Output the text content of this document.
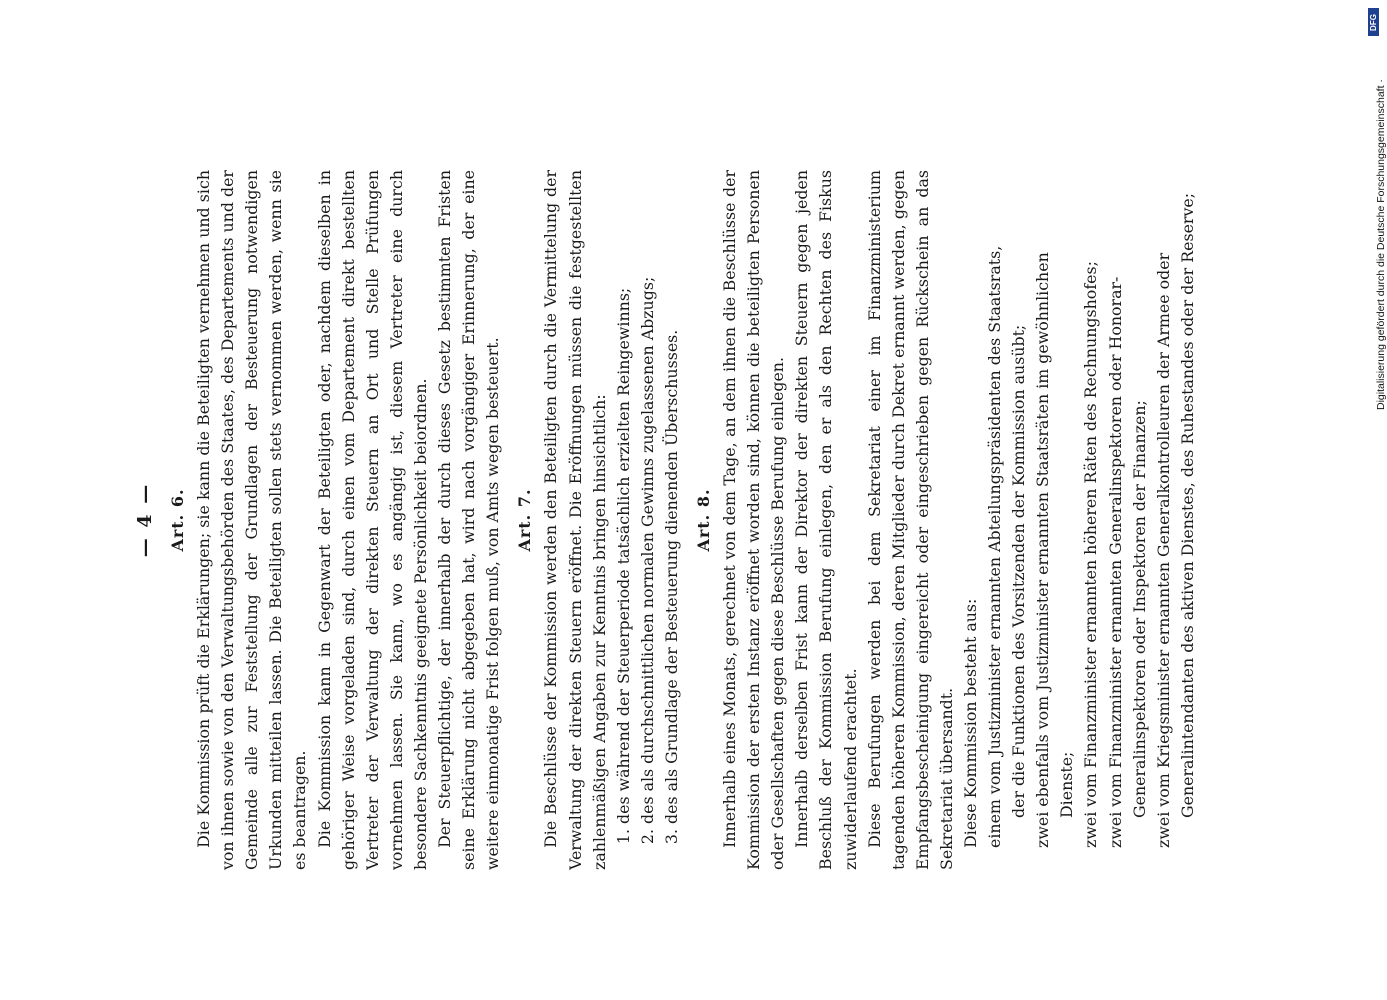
— 4 — Art. 6. Die Kommission prüft die Erklärungen; sie kann die Beteiligten vernehmen und sich von ihnen sowie von den Verwaltungsbehörden des Staates, des Departements und der Gemeinde alle zur Feststellung der Grundlagen der Besteuerung notwendigen Urkunden mitteilen lassen. Die Beteiligten sollen stets vernommen werden, wenn sie es beantragen. Die Kommission kann in Gegenwart der Beteiligten oder, nachdem dieselben in gehöriger Weise vorgeladen sind, durch einen vom Departement direkt bestellten Vertreter der Verwaltung der direkten Steuern an Ort und Stelle Prüfungen vornehmen lassen. Sie kann, wo es angängig ist, diesem Vertreter eine durch besondere Sachkenntnis geeignete Persönlichkeit beiordnen. Der Steuerpflichtige, der innerhalb der durch dieses Gesetz bestimmten Fristen seine Erklärung nicht abgegeben hat, wird nach vorgängiger Erinnerung, der eine weitere einmonatige Frist folgen muß, von Amts wegen besteuert. Art. 7. Die Beschlüsse der Kommission werden den Beteiligten durch die Vermittelung der Verwaltung der direkten Steuern eröffnet. Die Eröffnungen müssen die festgestellten zahlenmäßigen Angaben zur Kenntnis bringen hinsichtlich: 1. des während der Steuerperiode tatsächlich erzielten Reingewinns; 2. des als durchschnittlichen normalen Gewinns zugelassenen Abzugs; 3. des als Grundlage der Besteuerung dienenden Überschusses. Art. 8. Innerhalb eines Monats, gerechnet von dem Tage, an dem ihnen die Beschlüsse der Kommission der ersten Instanz eröffnet worden sind, können die beteiligten Personen oder Gesellschaften gegen diese Beschlüsse Berufung einlegen. Innerhalb derselben Frist kann der Direktor der direkten Steuern gegen jeden Beschluß der Kommission Berufung einlegen, den er als den Rechten des Fiskus zuwiderlaufend erachtet. Diese Berufungen werden bei dem Sekretariat einer im Finanzministerium tagenden höheren Kommission, deren Mitglieder durch Dekret ernannt werden, gegen Empfangsbescheinigung eingereicht oder eingeschrieben gegen Rückschein an das Sekretariat übersandt. Diese Kommission besteht aus: einem vom Justizminister ernannten Abteilungspräsidenten des Staatsrats, der die Funktionen des Vorsitzenden der Kommission ausübt; zwei ebenfalls vom Justizminister ernannten Staatsräten im gewöhnlichen Dienste; zwei vom Finanzminister ernannten höheren Räten des Rechnungshofes; zwei vom Finanzminister ernannten Generalinspektoren oder Honorar- Generalinspektoren oder Inspektoren der Finanzen; zwei vom Kriegsminister ernannten Generalkontrolleuren der Armee oder Generalintendanten des aktiven Dienstes, des Ruhestandes oder der Reserve;	Digitalisierung gefördert durch die Deutsche Forschungsgemeinschaft ·
DFG
